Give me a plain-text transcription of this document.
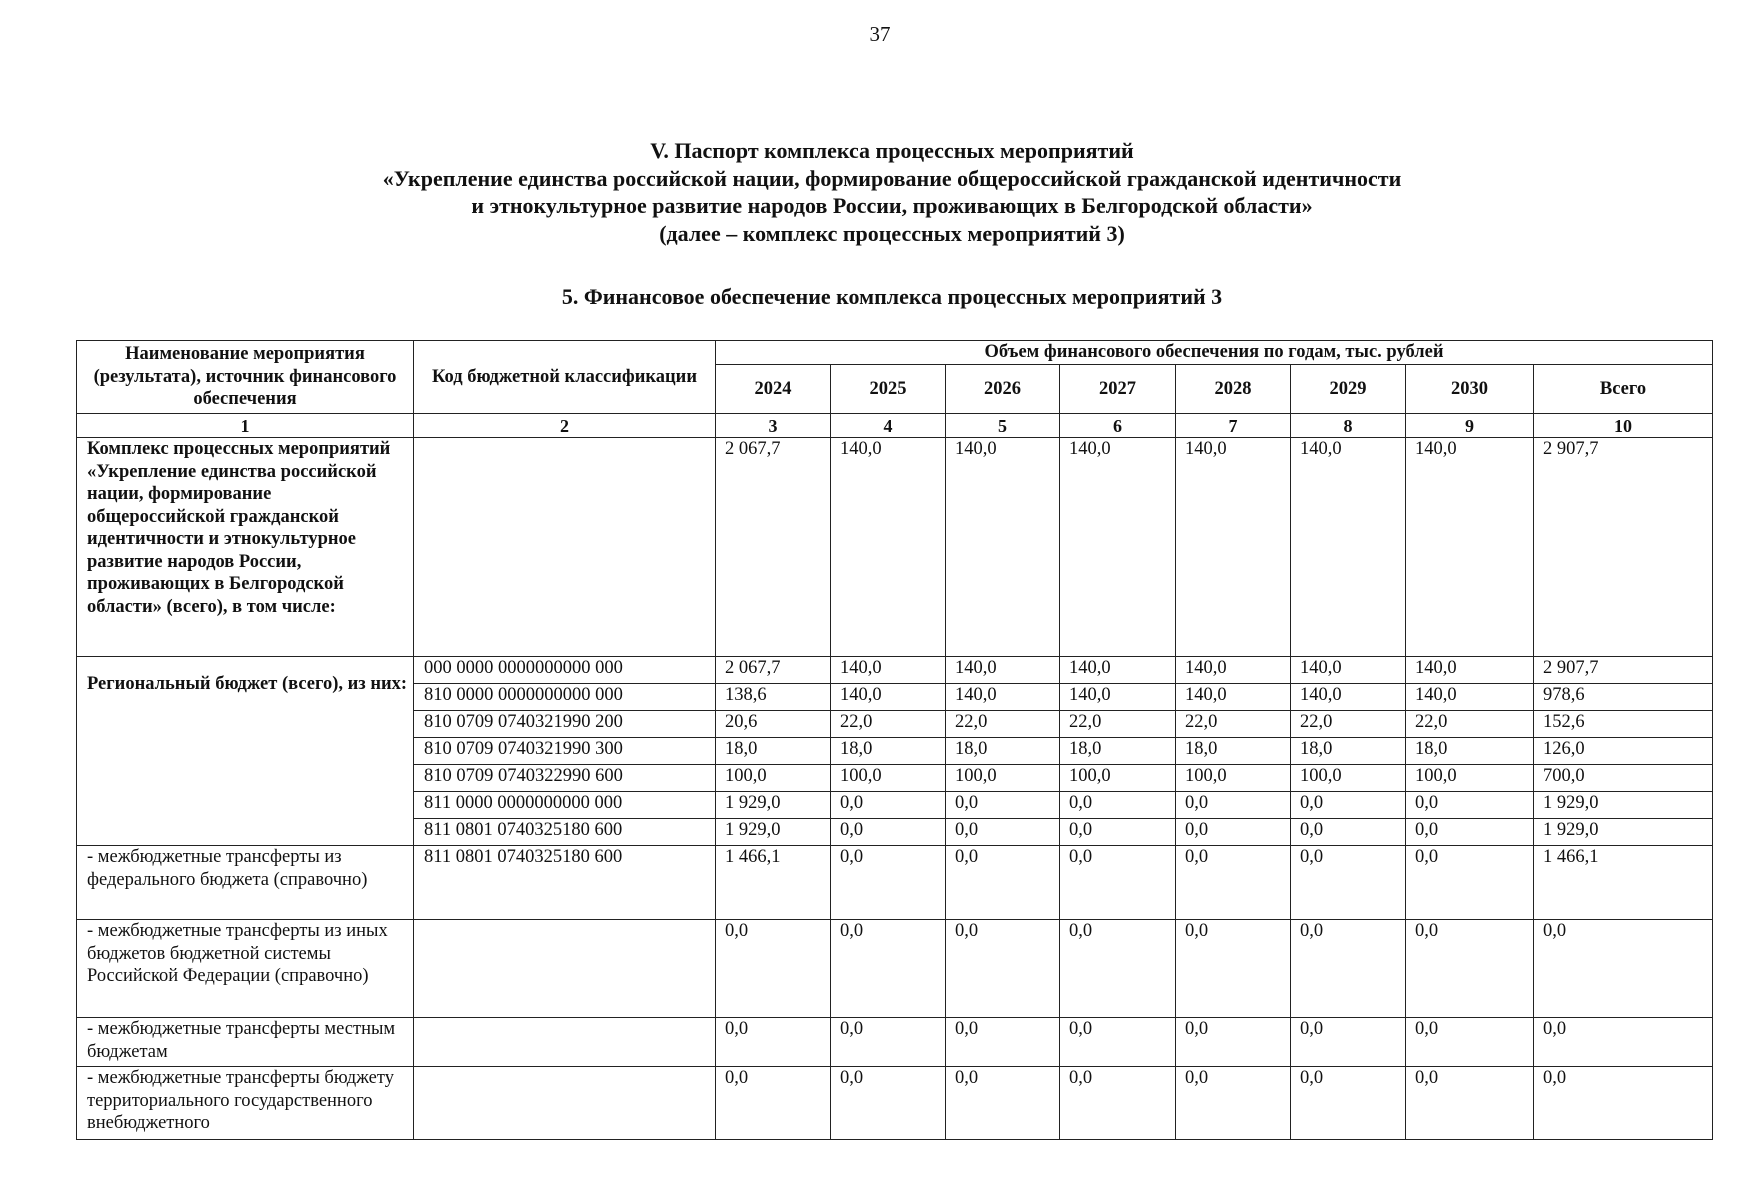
37
V. Паспорт комплекса процессных мероприятий
«Укрепление единства российской нации, формирование общероссийской гражданской идентичности
и этнокультурное развитие народов России, проживающих в Белгородской области»
(далее – комплекс процессных мероприятий 3)
5. Финансовое обеспечение комплекса процессных мероприятий 3
Наименование мероприятия (результата), источник финансового обеспечения	Код бюджетной классификации	Объем финансового обеспечения по годам, тыс. рублей							
		2024	2025	2026	2027	2028	2029	2030	Всего
1	2	3	4	5	6	7	8	9	10
Комплекс процессных мероприятий «Укрепление единства российской нации, формирование общероссийской гражданской идентичности и этнокультурное развитие народов России, проживающих в Белгородской области» (всего), в том числе:		2 067,7	140,0	140,0	140,0	140,0	140,0	140,0	2 907,7
Региональный бюджет (всего), из них:	000 0000 0000000000 000	2 067,7	140,0	140,0	140,0	140,0	140,0	140,0	2 907,7
	810 0000 0000000000 000	138,6	140,0	140,0	140,0	140,0	140,0	140,0	978,6
	810 0709 0740321990 200	20,6	22,0	22,0	22,0	22,0	22,0	22,0	152,6
	810 0709 0740321990 300	18,0	18,0	18,0	18,0	18,0	18,0	18,0	126,0
	810 0709 0740322990 600	100,0	100,0	100,0	100,0	100,0	100,0	100,0	700,0
	811 0000 0000000000 000	1 929,0	0,0	0,0	0,0	0,0	0,0	0,0	1 929,0
	811 0801 0740325180 600	1 929,0	0,0	0,0	0,0	0,0	0,0	0,0	1 929,0
- межбюджетные трансферты из федерального бюджета (справочно)	811 0801 0740325180 600	1 466,1	0,0	0,0	0,0	0,0	0,0	0,0	1 466,1
- межбюджетные трансферты из иных бюджетов бюджетной системы Российской Федерации (справочно)		0,0	0,0	0,0	0,0	0,0	0,0	0,0	0,0
- межбюджетные трансферты местным бюджетам		0,0	0,0	0,0	0,0	0,0	0,0	0,0	0,0
- межбюджетные трансферты бюджету территориального государственного внебюджетного		0,0	0,0	0,0	0,0	0,0	0,0	0,0	0,0
